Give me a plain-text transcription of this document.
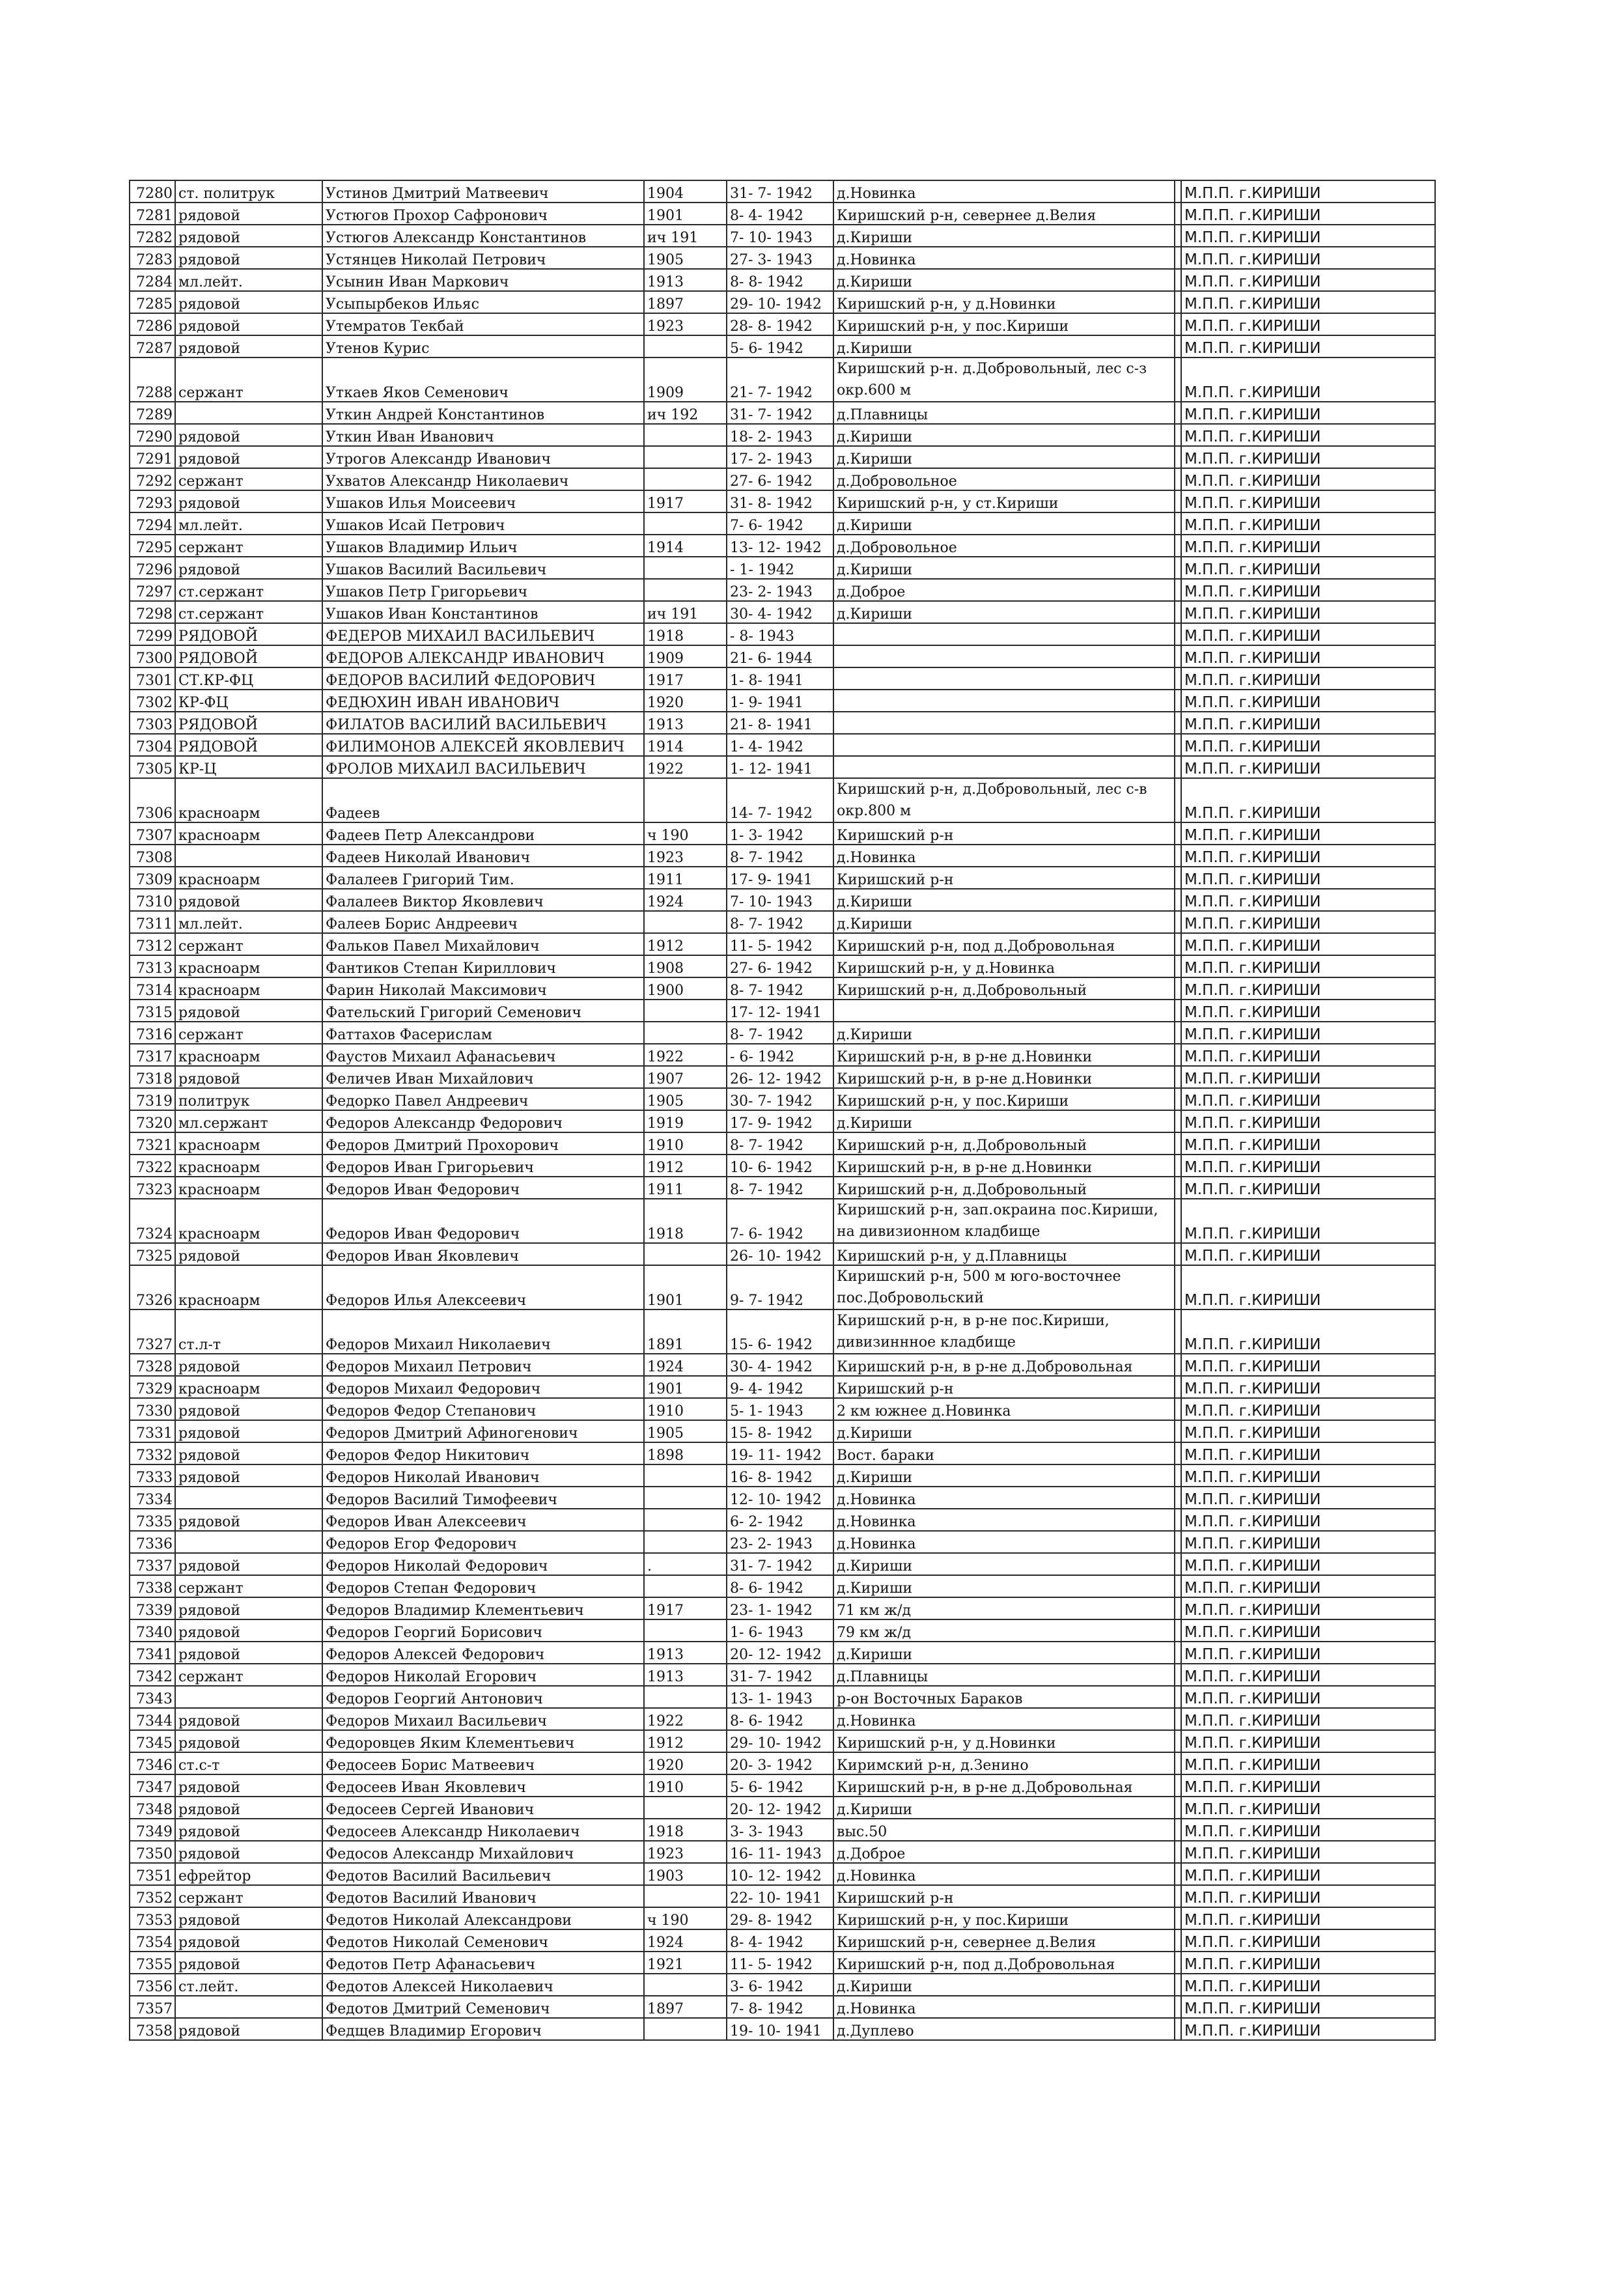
7280	ст. политрук	Устинов Дмитрий Матвеевич	1904	31- 7- 1942	д.Новинка		М.П.П. г.КИРИШИ
7281	рядовой	Устюгов Прохор Сафронович	1901	8- 4- 1942	Киришский р-н, севернее д.Велия		М.П.П. г.КИРИШИ
7282	рядовой	Устюгов Александр Константинов	ич 191	7- 10- 1943	д.Кириши		М.П.П. г.КИРИШИ
7283	рядовой	Устянцев Николай Петрович	1905	27- 3- 1943	д.Новинка		М.П.П. г.КИРИШИ
7284	мл.лейт.	Усынин Иван Маркович	1913	8- 8- 1942	д.Кириши		М.П.П. г.КИРИШИ
7285	рядовой	Усыпырбеков Ильяс	1897	29- 10- 1942	Киришский р-н, у д.Новинки		М.П.П. г.КИРИШИ
7286	рядовой	Утемратов Текбай	1923	28- 8- 1942	Киришский р-н, у пос.Кириши		М.П.П. г.КИРИШИ
7287	рядовой	Утенов Курис		5- 6- 1942	д.Кириши		М.П.П. г.КИРИШИ
7288	сержант	Уткаев Яков Семенович	1909	21- 7- 1942	Киришский р-н. д.Добровольный, лес с-з окр.600 м		М.П.П. г.КИРИШИ
7289		Уткин Андрей Константинов	ич 192	31- 7- 1942	д.Плавницы		М.П.П. г.КИРИШИ
7290	рядовой	Уткин Иван Иванович		18- 2- 1943	д.Кириши		М.П.П. г.КИРИШИ
7291	рядовой	Утрогов Александр Иванович		17- 2- 1943	д.Кириши		М.П.П. г.КИРИШИ
7292	сержант	Ухватов Александр Николаевич		27- 6- 1942	д.Добровольное		М.П.П. г.КИРИШИ
7293	рядовой	Ушаков Илья Моисеевич	1917	31- 8- 1942	Киришский р-н, у ст.Кириши		М.П.П. г.КИРИШИ
7294	мл.лейт.	Ушаков Исай Петрович		7- 6- 1942	д.Кириши		М.П.П. г.КИРИШИ
7295	сержант	Ушаков Владимир Ильич	1914	13- 12- 1942	д.Добровольное		М.П.П. г.КИРИШИ
7296	рядовой	Ушаков Василий Васильевич		- 1- 1942	д.Кириши		М.П.П. г.КИРИШИ
7297	ст.сержант	Ушаков Петр Григорьевич		23- 2- 1943	д.Доброе		М.П.П. г.КИРИШИ
7298	ст.сержант	Ушаков Иван Константинов	ич 191	30- 4- 1942	д.Кириши		М.П.П. г.КИРИШИ
7299	РЯДОВОЙ	ФЕДЕРОВ МИХАИЛ ВАСИЛЬЕВИЧ	1918	- 8- 1943			М.П.П. г.КИРИШИ
7300	РЯДОВОЙ	ФЕДОРОВ АЛЕКСАНДР ИВАНОВИЧ	1909	21- 6- 1944			М.П.П. г.КИРИШИ
7301	СТ.КР-ФЦ	ФЕДОРОВ ВАСИЛИЙ ФЕДОРОВИЧ	1917	1- 8- 1941			М.П.П. г.КИРИШИ
7302	КР-ФЦ	ФЕДЮХИН ИВАН ИВАНОВИЧ	1920	1- 9- 1941			М.П.П. г.КИРИШИ
7303	РЯДОВОЙ	ФИЛАТОВ ВАСИЛИЙ ВАСИЛЬЕВИЧ	1913	21- 8- 1941			М.П.П. г.КИРИШИ
7304	РЯДОВОЙ	ФИЛИМОНОВ АЛЕКСЕЙ ЯКОВЛЕВИЧ	1914	1- 4- 1942			М.П.П. г.КИРИШИ
7305	КР-Ц	ФРОЛОВ МИХАИЛ ВАСИЛЬЕВИЧ	1922	1- 12- 1941			М.П.П. г.КИРИШИ
7306	красноарм	Фадеев		14- 7- 1942	Киришский р-н, д.Добровольный, лес с-в окр.800 м		М.П.П. г.КИРИШИ
7307	красноарм	Фадеев Петр Александрови	ч 190	1- 3- 1942	Киришский р-н		М.П.П. г.КИРИШИ
7308		Фадеев Николай Иванович	1923	8- 7- 1942	д.Новинка		М.П.П. г.КИРИШИ
7309	красноарм	Фалалеев Григорий Тим.	1911	17- 9- 1941	Киришский р-н		М.П.П. г.КИРИШИ
7310	рядовой	Фалалеев Виктор Яковлевич	1924	7- 10- 1943	д.Кириши		М.П.П. г.КИРИШИ
7311	мл.лейт.	Фалеев Борис Андреевич		8- 7- 1942	д.Кириши		М.П.П. г.КИРИШИ
7312	сержант	Фальков Павел Михайлович	1912	11- 5- 1942	Киришский р-н, под д.Добровольная		М.П.П. г.КИРИШИ
7313	красноарм	Фантиков Степан Кириллович	1908	27- 6- 1942	Киришский р-н, у д.Новинка		М.П.П. г.КИРИШИ
7314	красноарм	Фарин Николай Максимович	1900	8- 7- 1942	Киришский р-н, д.Добровольный		М.П.П. г.КИРИШИ
7315	рядовой	Фательский Григорий Семенович		17- 12- 1941			М.П.П. г.КИРИШИ
7316	сержант	Фаттахов Фасерислам		8- 7- 1942	д.Кириши		М.П.П. г.КИРИШИ
7317	красноарм	Фаустов Михаил Афанасьевич	1922	- 6- 1942	Киришский р-н, в р-не д.Новинки		М.П.П. г.КИРИШИ
7318	рядовой	Феличев Иван Михайлович	1907	26- 12- 1942	Киришский р-н, в р-не д.Новинки		М.П.П. г.КИРИШИ
7319	политрук	Федорко Павел Андреевич	1905	30- 7- 1942	Киришский р-н, у пос.Кириши		М.П.П. г.КИРИШИ
7320	мл.сержант	Федоров Александр Федорович	1919	17- 9- 1942	д.Кириши		М.П.П. г.КИРИШИ
7321	красноарм	Федоров Дмитрий Прохорович	1910	8- 7- 1942	Киришский р-н, д.Добровольный		М.П.П. г.КИРИШИ
7322	красноарм	Федоров Иван Григорьевич	1912	10- 6- 1942	Киришский р-н, в р-не д.Новинки		М.П.П. г.КИРИШИ
7323	красноарм	Федоров Иван Федорович	1911	8- 7- 1942	Киришский р-н, д.Добровольный		М.П.П. г.КИРИШИ
7324	красноарм	Федоров Иван Федорович	1918	7- 6- 1942	Киришский р-н, зап.окраина пос.Кириши, на дивизионном кладбище		М.П.П. г.КИРИШИ
7325	рядовой	Федоров Иван Яковлевич		26- 10- 1942	Киришский р-н, у д.Плавницы		М.П.П. г.КИРИШИ
7326	красноарм	Федоров Илья Алексеевич	1901	9- 7- 1942	Киришский р-н, 500 м юго-восточнее пос.Добровольский		М.П.П. г.КИРИШИ
7327	ст.л-т	Федоров Михаил Николаевич	1891	15- 6- 1942	Киришский р-н, в р-не пос.Кириши, дивизиннное кладбище		М.П.П. г.КИРИШИ
7328	рядовой	Федоров Михаил Петрович	1924	30- 4- 1942	Киришский р-н, в р-не д.Добровольная		М.П.П. г.КИРИШИ
7329	красноарм	Федоров Михаил Федорович	1901	9- 4- 1942	Киришский р-н		М.П.П. г.КИРИШИ
7330	рядовой	Федоров Федор Степанович	1910	5- 1- 1943	2 км южнее д.Новинка		М.П.П. г.КИРИШИ
7331	рядовой	Федоров Дмитрий Афиногенович	1905	15- 8- 1942	д.Кириши		М.П.П. г.КИРИШИ
7332	рядовой	Федоров Федор Никитович	1898	19- 11- 1942	Вост. бараки		М.П.П. г.КИРИШИ
7333	рядовой	Федоров Николай Иванович		16- 8- 1942	д.Кириши		М.П.П. г.КИРИШИ
7334		Федоров Василий Тимофеевич		12- 10- 1942	д.Новинка		М.П.П. г.КИРИШИ
7335	рядовой	Федоров Иван Алексеевич		6- 2- 1942	д.Новинка		М.П.П. г.КИРИШИ
7336		Федоров Егор Федорович		23- 2- 1943	д.Новинка		М.П.П. г.КИРИШИ
7337	рядовой	Федоров Николай Федорович	.	31- 7- 1942	д.Кириши		М.П.П. г.КИРИШИ
7338	сержант	Федоров Степан Федорович		8- 6- 1942	д.Кириши		М.П.П. г.КИРИШИ
7339	рядовой	Федоров Владимир Клементьевич	1917	23- 1- 1942	71 км ж/д		М.П.П. г.КИРИШИ
7340	рядовой	Федоров Георгий Борисович		1- 6- 1943	79 км ж/д		М.П.П. г.КИРИШИ
7341	рядовой	Федоров Алексей Федорович	1913	20- 12- 1942	д.Кириши		М.П.П. г.КИРИШИ
7342	сержант	Федоров Николай Егорович	1913	31- 7- 1942	д.Плавницы		М.П.П. г.КИРИШИ
7343		Федоров Георгий Антонович		13- 1- 1943	р-он Восточных Бараков		М.П.П. г.КИРИШИ
7344	рядовой	Федоров Михаил Васильевич	1922	8- 6- 1942	д.Новинка		М.П.П. г.КИРИШИ
7345	рядовой	Федоровцев Яким Клементьевич	1912	29- 10- 1942	Киришский р-н, у д.Новинки		М.П.П. г.КИРИШИ
7346	ст.с-т	Федосеев Борис Матвеевич	1920	20- 3- 1942	Киримский р-н, д.Зенино		М.П.П. г.КИРИШИ
7347	рядовой	Федосеев Иван Яковлевич	1910	5- 6- 1942	Киришский р-н, в р-не д.Добровольная		М.П.П. г.КИРИШИ
7348	рядовой	Федосеев Сергей Иванович		20- 12- 1942	д.Кириши		М.П.П. г.КИРИШИ
7349	рядовой	Федосеев Александр Николаевич	1918	3- 3- 1943	выс.50		М.П.П. г.КИРИШИ
7350	рядовой	Федосов Александр Михайлович	1923	16- 11- 1943	д.Доброе		М.П.П. г.КИРИШИ
7351	ефрейтор	Федотов Василий Васильевич	1903	10- 12- 1942	д.Новинка		М.П.П. г.КИРИШИ
7352	сержант	Федотов Василий Иванович		22- 10- 1941	Киришский р-н		М.П.П. г.КИРИШИ
7353	рядовой	Федотов Николай Александрови	ч 190	29- 8- 1942	Киришский р-н, у пос.Кириши		М.П.П. г.КИРИШИ
7354	рядовой	Федотов Николай Семенович	1924	8- 4- 1942	Киришский р-н, севернее д.Велия		М.П.П. г.КИРИШИ
7355	рядовой	Федотов Петр Афанасьевич	1921	11- 5- 1942	Киришский р-н, под д.Добровольная		М.П.П. г.КИРИШИ
7356	ст.лейт.	Федотов Алексей Николаевич		3- 6- 1942	д.Кириши		М.П.П. г.КИРИШИ
7357		Федотов Дмитрий Семенович	1897	7- 8- 1942	д.Новинка		М.П.П. г.КИРИШИ
7358	рядовой	Федщев Владимир Егорович		19- 10- 1941	д.Дуплево		М.П.П. г.КИРИШИ
